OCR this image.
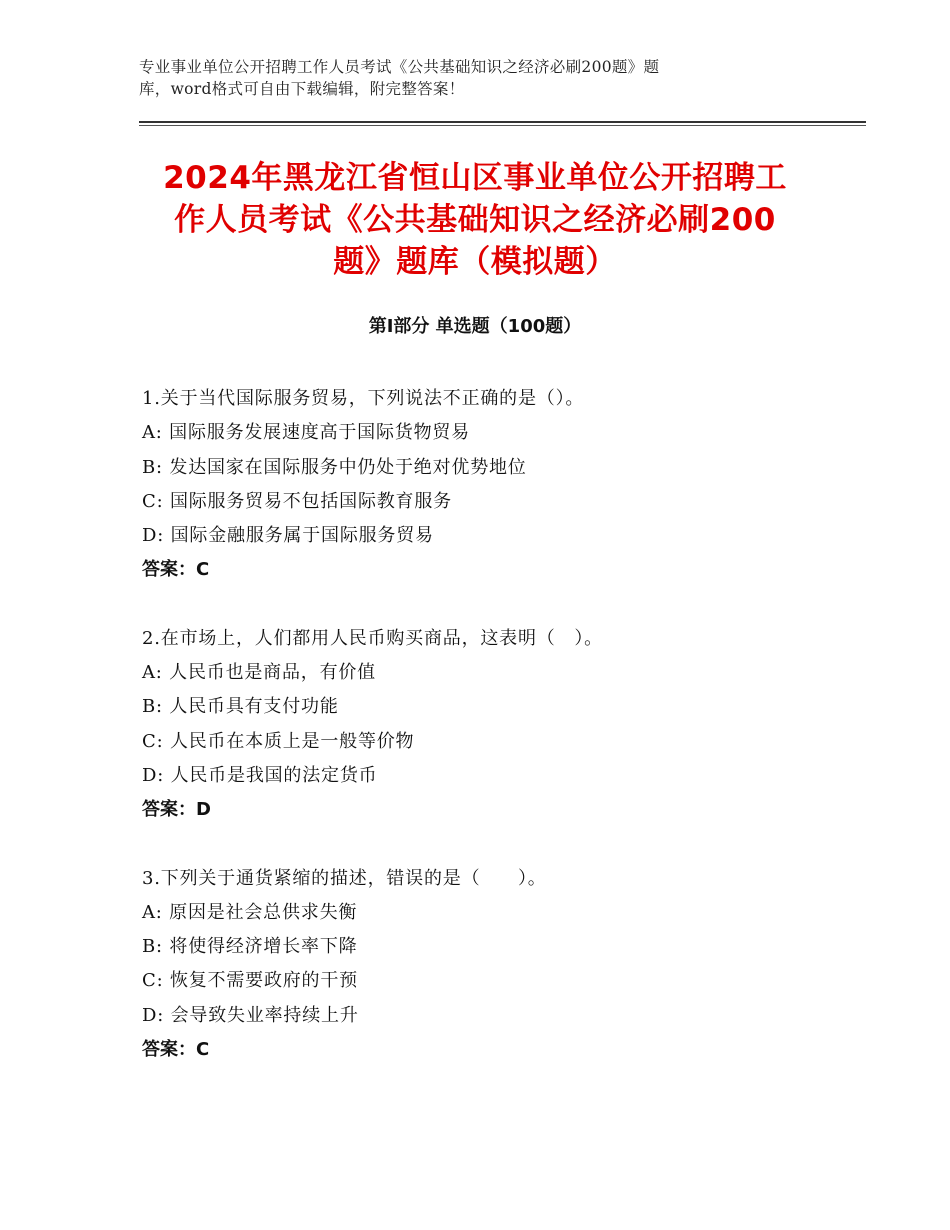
专业事业单位公开招聘工作人员考试《公共基础知识之经济必刷200题》题
库，word格式可自由下载编辑，附完整答案！
2024年黑龙江省恒山区事业单位公开招聘工
作人员考试《公共基础知识之经济必刷200
题》题库（模拟题）
第Ⅰ部分 单选题（100题）
1.关于当代国际服务贸易，下列说法不正确的是（）。
A: 国际服务发展速度高于国际货物贸易
B: 发达国家在国际服务中仍处于绝对优势地位
C: 国际服务贸易不包括国际教育服务
D: 国际金融服务属于国际服务贸易
答案：C
2.在市场上，人们都用人民币购买商品，这表明（　）。
A: 人民币也是商品，有价值
B: 人民币具有支付功能
C: 人民币在本质上是一般等价物
D: 人民币是我国的法定货币
答案：D
3.下列关于通货紧缩的描述，错误的是（　　）。
A: 原因是社会总供求失衡
B: 将使得经济增长率下降
C: 恢复不需要政府的干预
D: 会导致失业率持续上升
答案：C
